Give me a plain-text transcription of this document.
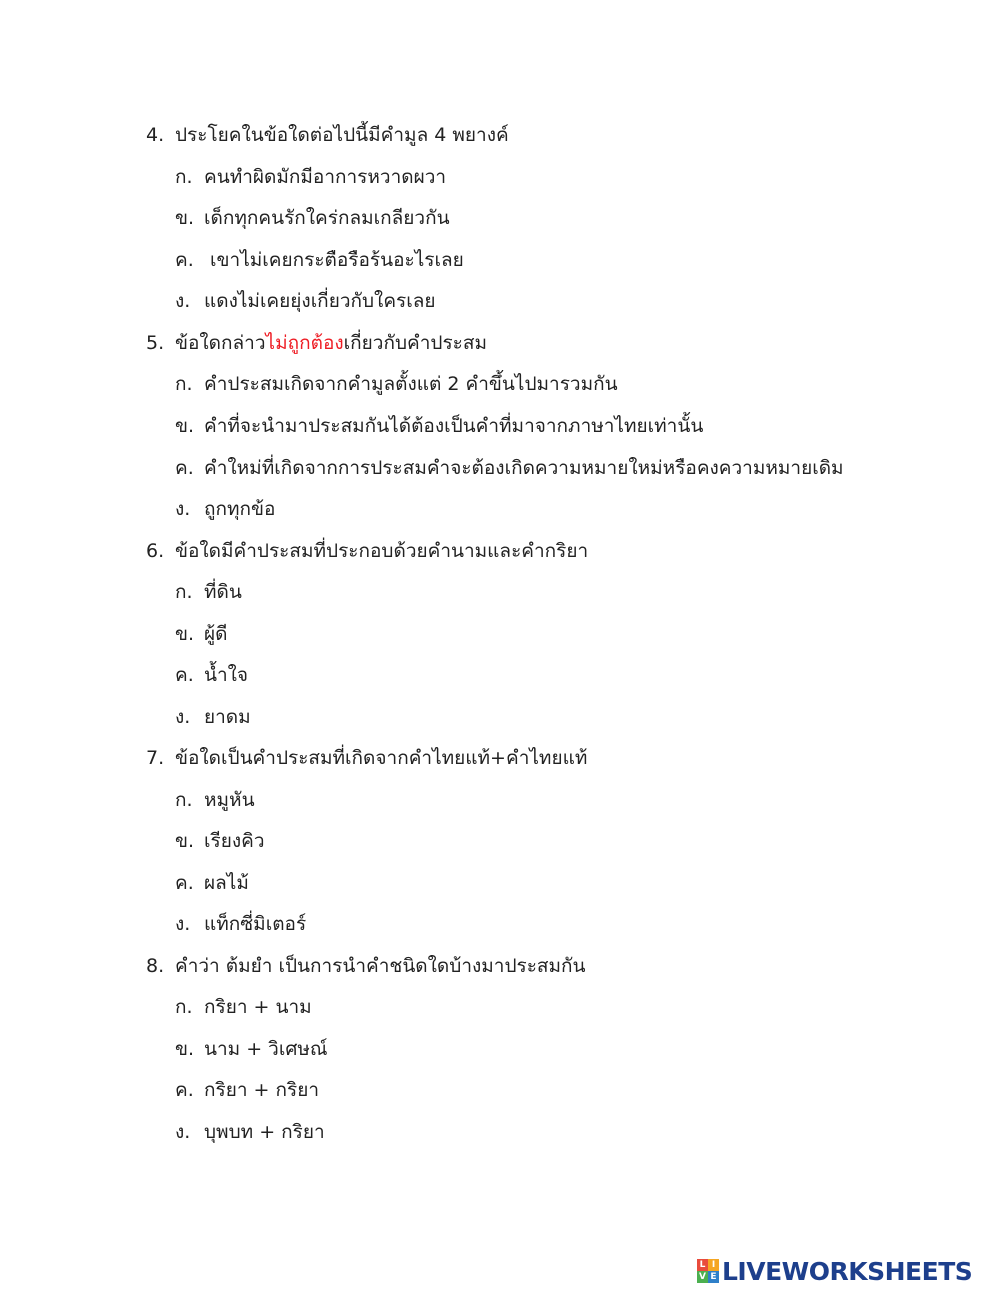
4. ประโยคในข้อใดต่อไปนี้มีคำมูล 4 พยางค์
ก. คนทำผิดมักมีอาการหวาดผวา
ข. เด็กทุกคนรักใคร่กลมเกลียวกัน
ค. เขาไม่เคยกระตือรือร้นอะไรเลย
ง. แดงไม่เคยยุ่งเกี่ยวกับใครเลย
5. ข้อใดกล่าวไม่ถูกต้องเกี่ยวกับคำประสม
ก. คำประสมเกิดจากคำมูลตั้งแต่ 2 คำขึ้นไปมารวมกัน
ข. คำที่จะนำมาประสมกันได้ต้องเป็นคำที่มาจากภาษาไทยเท่านั้น
ค. คำใหม่ที่เกิดจากการประสมคำจะต้องเกิดความหมายใหม่หรือคงความหมายเดิม
ง. ถูกทุกข้อ
6. ข้อใดมีคำประสมที่ประกอบด้วยคำนามและคำกริยา
ก. ที่ดิน
ข. ผู้ดี
ค. น้ำใจ
ง. ยาดม
7. ข้อใดเป็นคำประสมที่เกิดจากคำไทยแท้+คำไทยแท้
ก. หมูหัน
ข. เรียงคิว
ค. ผลไม้
ง. แท็กซี่มิเตอร์
8. คำว่า ต้มยำ เป็นการนำคำชนิดใดบ้างมาประสมกัน
ก. กริยา + นาม
ข. นาม + วิเศษณ์
ค. กริยา + กริยา
ง. บุพบท + กริยา
L I
V E LIVEWORKSHEETS
